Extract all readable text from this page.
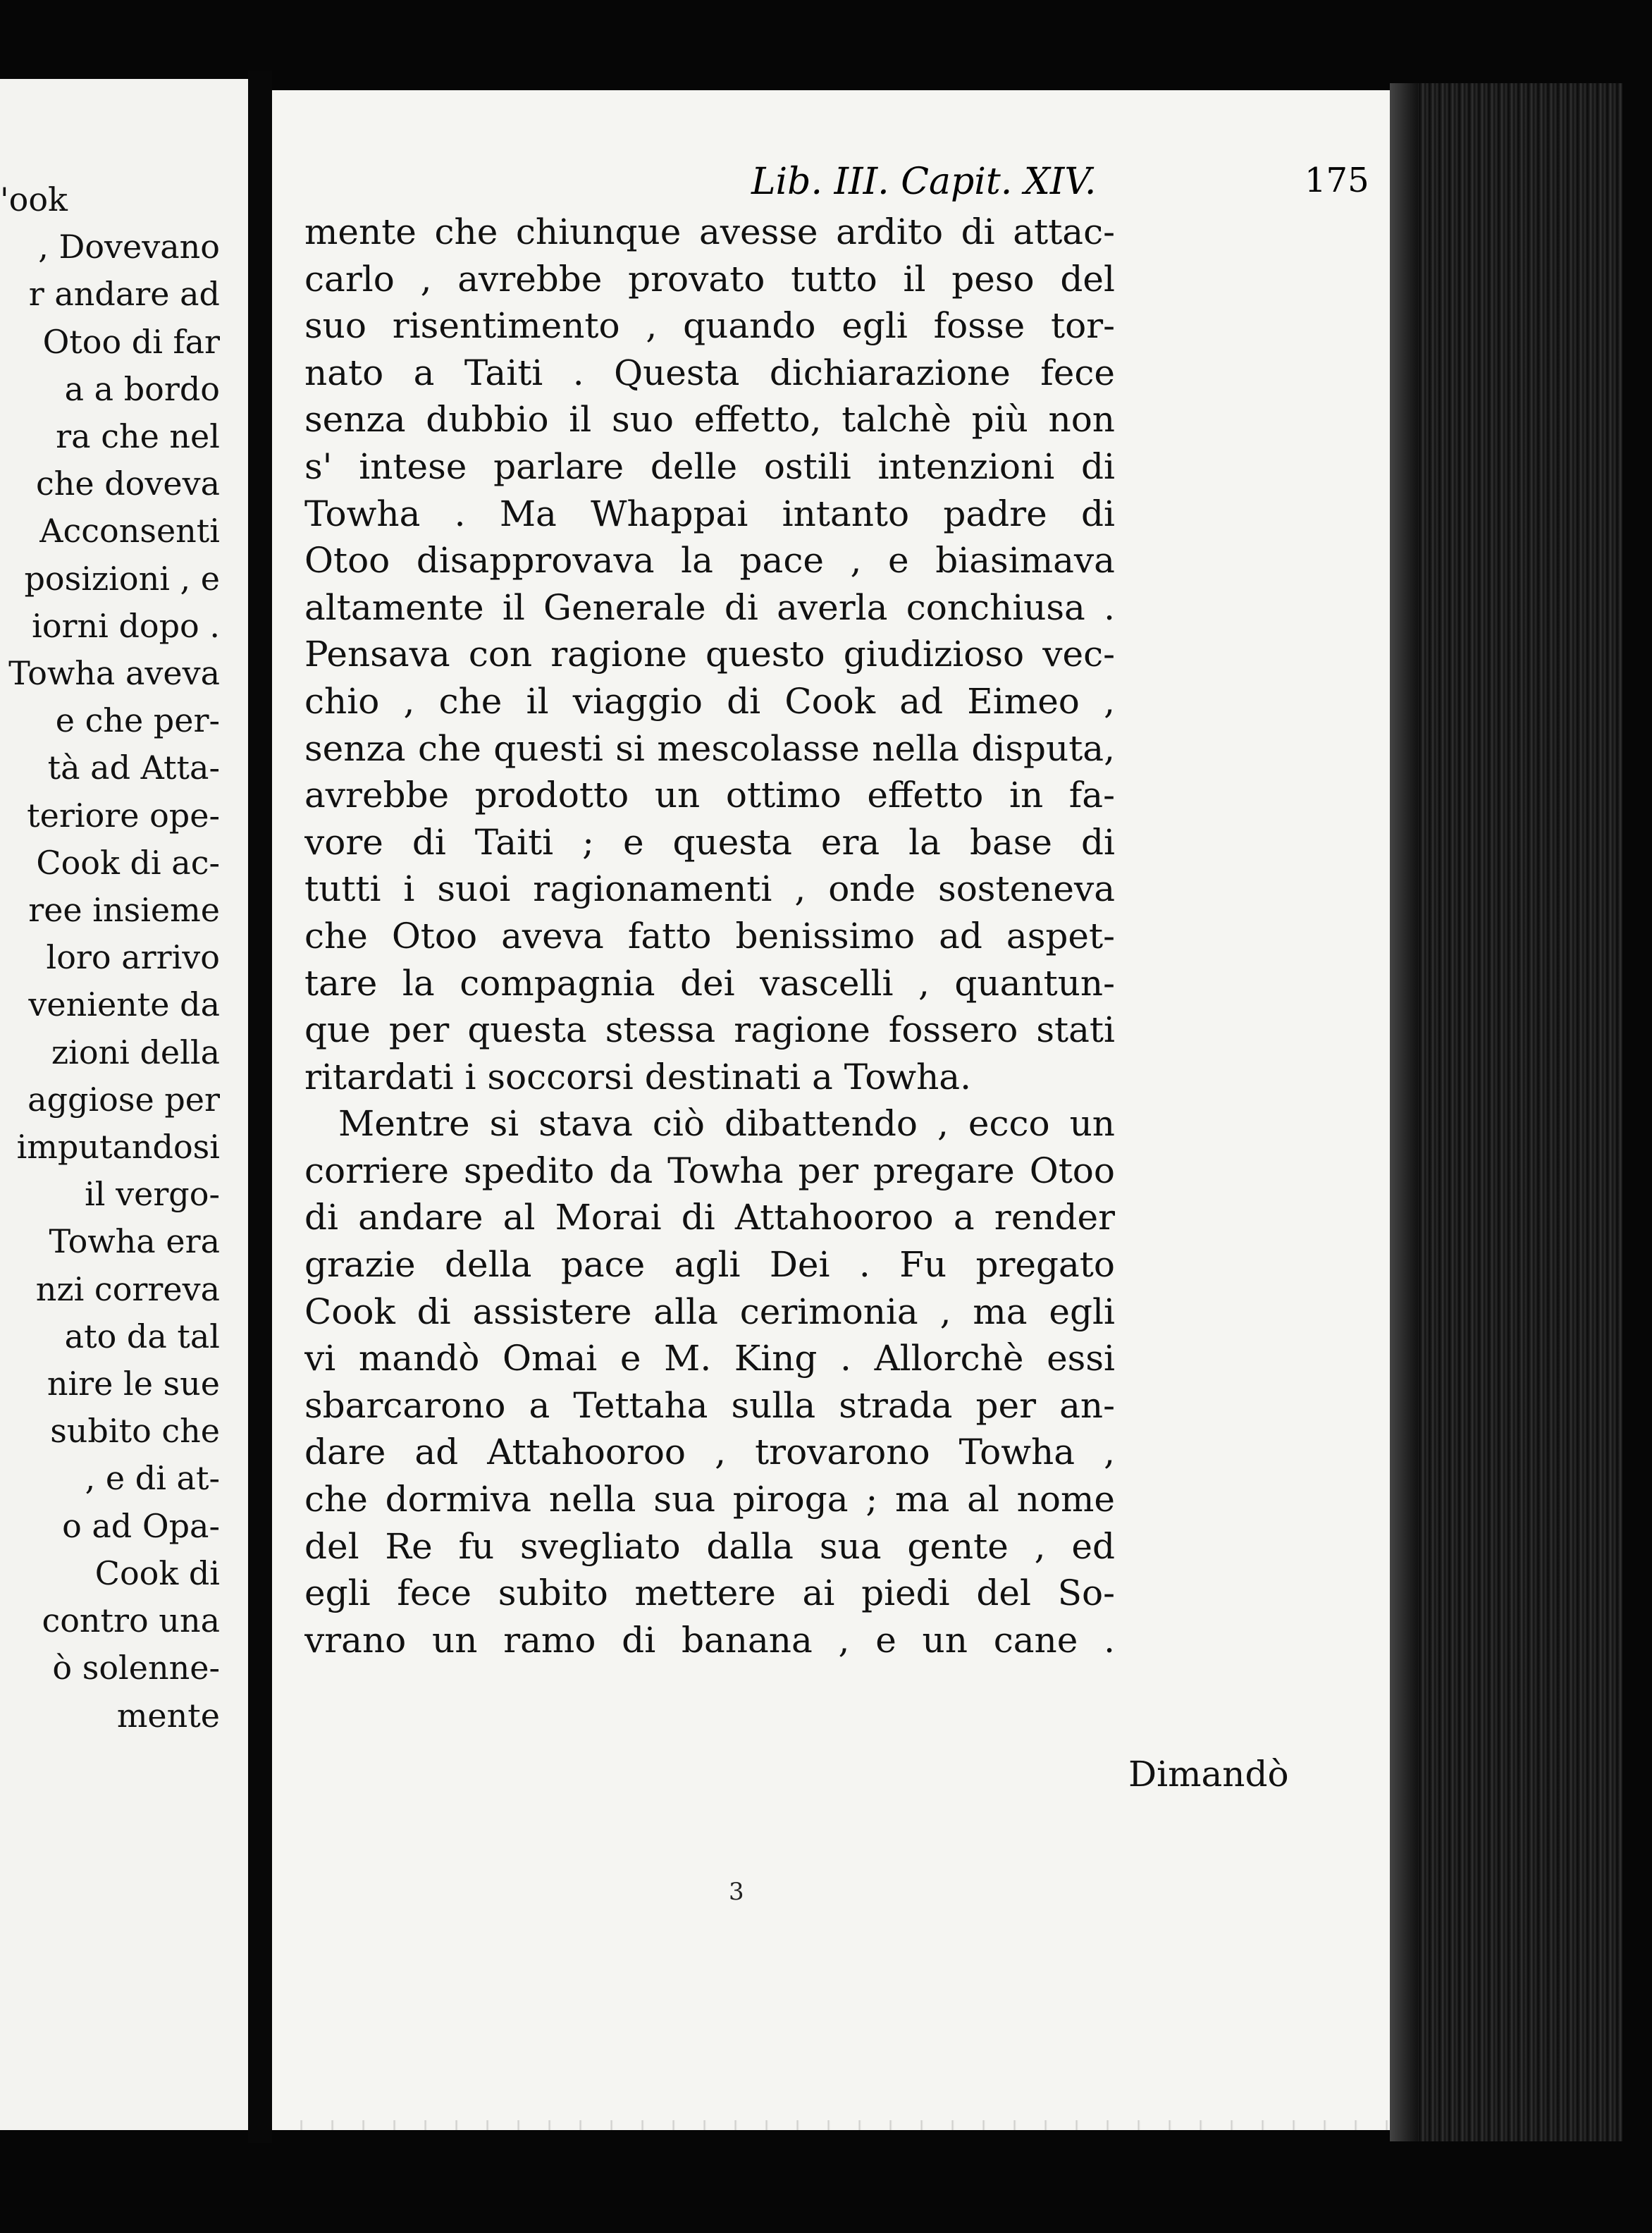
'ook
, Dovevano
r andare ad
Otoo di far
a a bordo
ra che nel
che doveva
Acconsenti
posizioni , e
iorni dopo .
Towha aveva
e che per-
tà ad Atta-
teriore ope-
Cook di ac-
ree insieme
loro arrivo
veniente da
zioni della
aggiose per
imputandosi
il vergo-
Towha era
nzi correva
ato da tal
nire le sue
subito che
, e di at-
o ad Opa-
Cook di
contro una
ò solenne-
mente
Lib. III. Capit. XIV.	175
mente che chiunque avesse ardito di attac-
carlo , avrebbe provato tutto il peso del
suo risentimento , quando egli fosse tor-
nato a Taiti . Questa dichiarazione fece
senza dubbio il suo effetto, talchè più non
s' intese parlare delle ostili intenzioni di
Towha . Ma Whappai intanto padre di
Otoo disapprovava la pace , e biasimava
altamente il Generale di averla conchiusa .
Pensava con ragione questo giudizioso vec-
chio , che il viaggio di Cook ad Eimeo ,
senza che questi si mescolasse nella disputa,
avrebbe prodotto un ottimo effetto in fa-
vore di Taiti ; e questa era la base di
tutti i suoi ragionamenti , onde sosteneva
che Otoo aveva fatto benissimo ad aspet-
tare la compagnia dei vascelli , quantun-
que per questa stessa ragione fossero stati
ritardati i soccorsi destinati a Towha.
Mentre si stava ciò dibattendo , ecco un
corriere spedito da Towha per pregare Otoo
di andare al Morai di Attahooroo a render
grazie della pace agli Dei . Fu pregato
Cook di assistere alla cerimonia , ma egli
vi mandò Omai e M. King . Allorchè essi
sbarcarono a Tettaha sulla strada per an-
dare ad Attahooroo , trovarono Towha ,
che dormiva nella sua piroga ; ma al nome
del Re fu svegliato dalla sua gente , ed
egli fece subito mettere ai piedi del So-
vrano un ramo di banana , e un cane .
Dimandò
3
